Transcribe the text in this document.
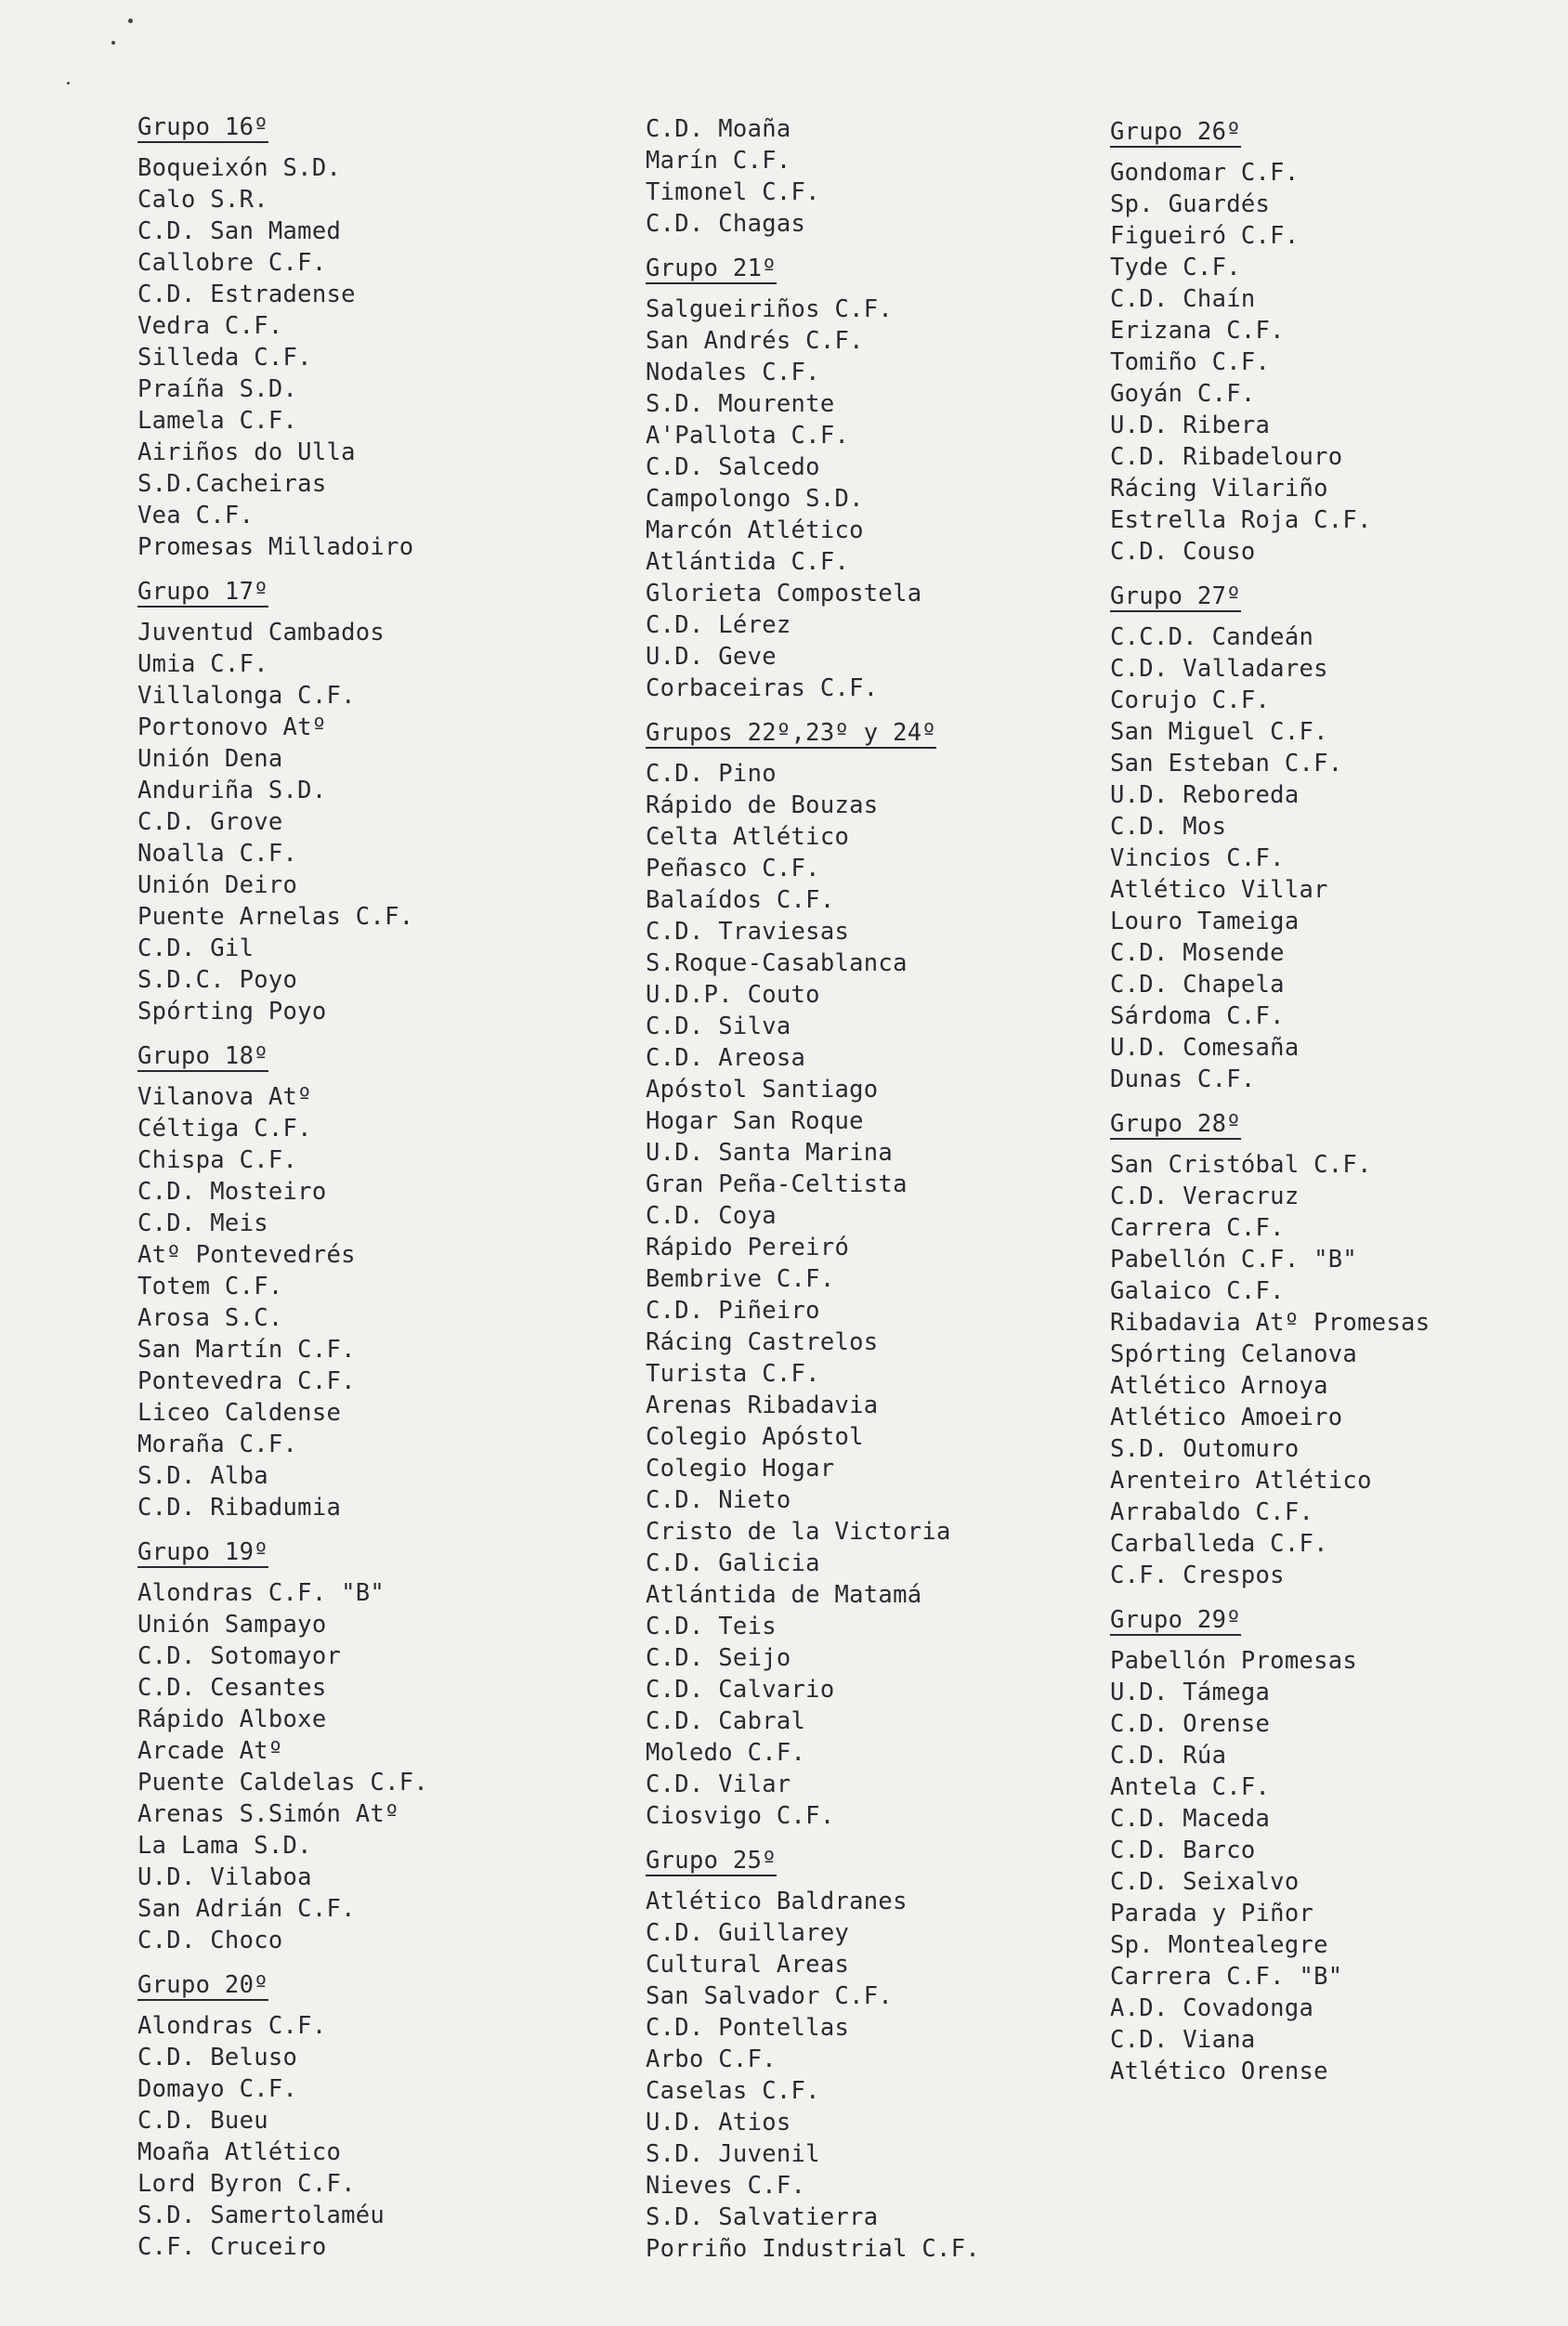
Grupo 16º
Boqueixón S.D.
Calo S.R.
C.D. San Mamed
Callobre C.F.
C.D. Estradense
Vedra C.F.
Silleda C.F.
Praíña S.D.
Lamela C.F.
Airiños do Ulla
S.D.Cacheiras
Vea C.F.
Promesas Milladoiro
Grupo 17º
Juventud Cambados
Umia C.F.
Villalonga C.F.
Portonovo Atº
Unión Dena
Anduriña S.D.
C.D. Grove
Noalla C.F.
Unión Deiro
Puente Arnelas C.F.
C.D. Gil
S.D.C. Poyo
Spórting Poyo
Grupo 18º
Vilanova Atº
Céltiga C.F.
Chispa C.F.
C.D. Mosteiro
C.D. Meis
Atº Pontevedrés
Totem C.F.
Arosa S.C.
San Martín C.F.
Pontevedra C.F.
Liceo Caldense
Moraña C.F.
S.D. Alba
C.D. Ribadumia
Grupo 19º
Alondras C.F. "B"
Unión Sampayo
C.D. Sotomayor
C.D. Cesantes
Rápido Alboxe
Arcade Atº
Puente Caldelas C.F.
Arenas S.Simón Atº
La Lama S.D.
U.D. Vilaboa
San Adrián C.F.
C.D. Choco
Grupo 20º
Alondras C.F.
C.D. Beluso
Domayo C.F.
C.D. Bueu
Moaña Atlético
Lord Byron C.F.
S.D. Samertolaméu
C.F. Cruceiro
C.D. Moaña
Marín C.F.
Timonel C.F.
C.D. Chagas
Grupo 21º
Salgueiriños C.F.
San Andrés C.F.
Nodales C.F.
S.D. Mourente
A'Pallota C.F.
C.D. Salcedo
Campolongo S.D.
Marcón Atlético
Atlántida C.F.
Glorieta Compostela
C.D. Lérez
U.D. Geve
Corbaceiras C.F.
Grupos 22º,23º y 24º
C.D. Pino
Rápido de Bouzas
Celta Atlético
Peñasco C.F.
Balaídos C.F.
C.D. Traviesas
S.Roque-Casablanca
U.D.P. Couto
C.D. Silva
C.D. Areosa
Apóstol Santiago
Hogar San Roque
U.D. Santa Marina
Gran Peña-Celtista
C.D. Coya
Rápido Pereiró
Bembrive C.F.
C.D. Piñeiro
Rácing Castrelos
Turista C.F.
Arenas Ribadavia
Colegio Apóstol
Colegio Hogar
C.D. Nieto
Cristo de la Victoria
C.D. Galicia
Atlántida de Matamá
C.D. Teis
C.D. Seijo
C.D. Calvario
C.D. Cabral
Moledo C.F.
C.D. Vilar
Ciosvigo C.F.
Grupo 25º
Atlético Baldranes
C.D. Guillarey
Cultural Areas
San Salvador C.F.
C.D. Pontellas
Arbo C.F.
Caselas C.F.
U.D. Atios
S.D. Juvenil
Nieves C.F.
S.D. Salvatierra
Porriño Industrial C.F.
Grupo 26º
Gondomar C.F.
Sp. Guardés
Figueiró C.F.
Tyde C.F.
C.D. Chaín
Erizana C.F.
Tomiño C.F.
Goyán C.F.
U.D. Ribera
C.D. Ribadelouro
Rácing Vilariño
Estrella Roja C.F.
C.D. Couso
Grupo 27º
C.C.D. Candeán
C.D. Valladares
Corujo C.F.
San Miguel C.F.
San Esteban C.F.
U.D. Reboreda
C.D. Mos
Vincios C.F.
Atlético Villar
Louro Tameiga
C.D. Mosende
C.D. Chapela
Sárdoma C.F.
U.D. Comesaña
Dunas C.F.
Grupo 28º
San Cristóbal C.F.
C.D. Veracruz
Carrera C.F.
Pabellón C.F. "B"
Galaico C.F.
Ribadavia Atº Promesas
Spórting Celanova
Atlético Arnoya
Atlético Amoeiro
S.D. Outomuro
Arenteiro Atlético
Arrabaldo C.F.
Carballeda C.F.
C.F. Crespos
Grupo 29º
Pabellón Promesas
U.D. Támega
C.D. Orense
C.D. Rúa
Antela C.F.
C.D. Maceda
C.D. Barco
C.D. Seixalvo
Parada y Piñor
Sp. Montealegre
Carrera C.F. "B"
A.D. Covadonga
C.D. Viana
Atlético Orense
